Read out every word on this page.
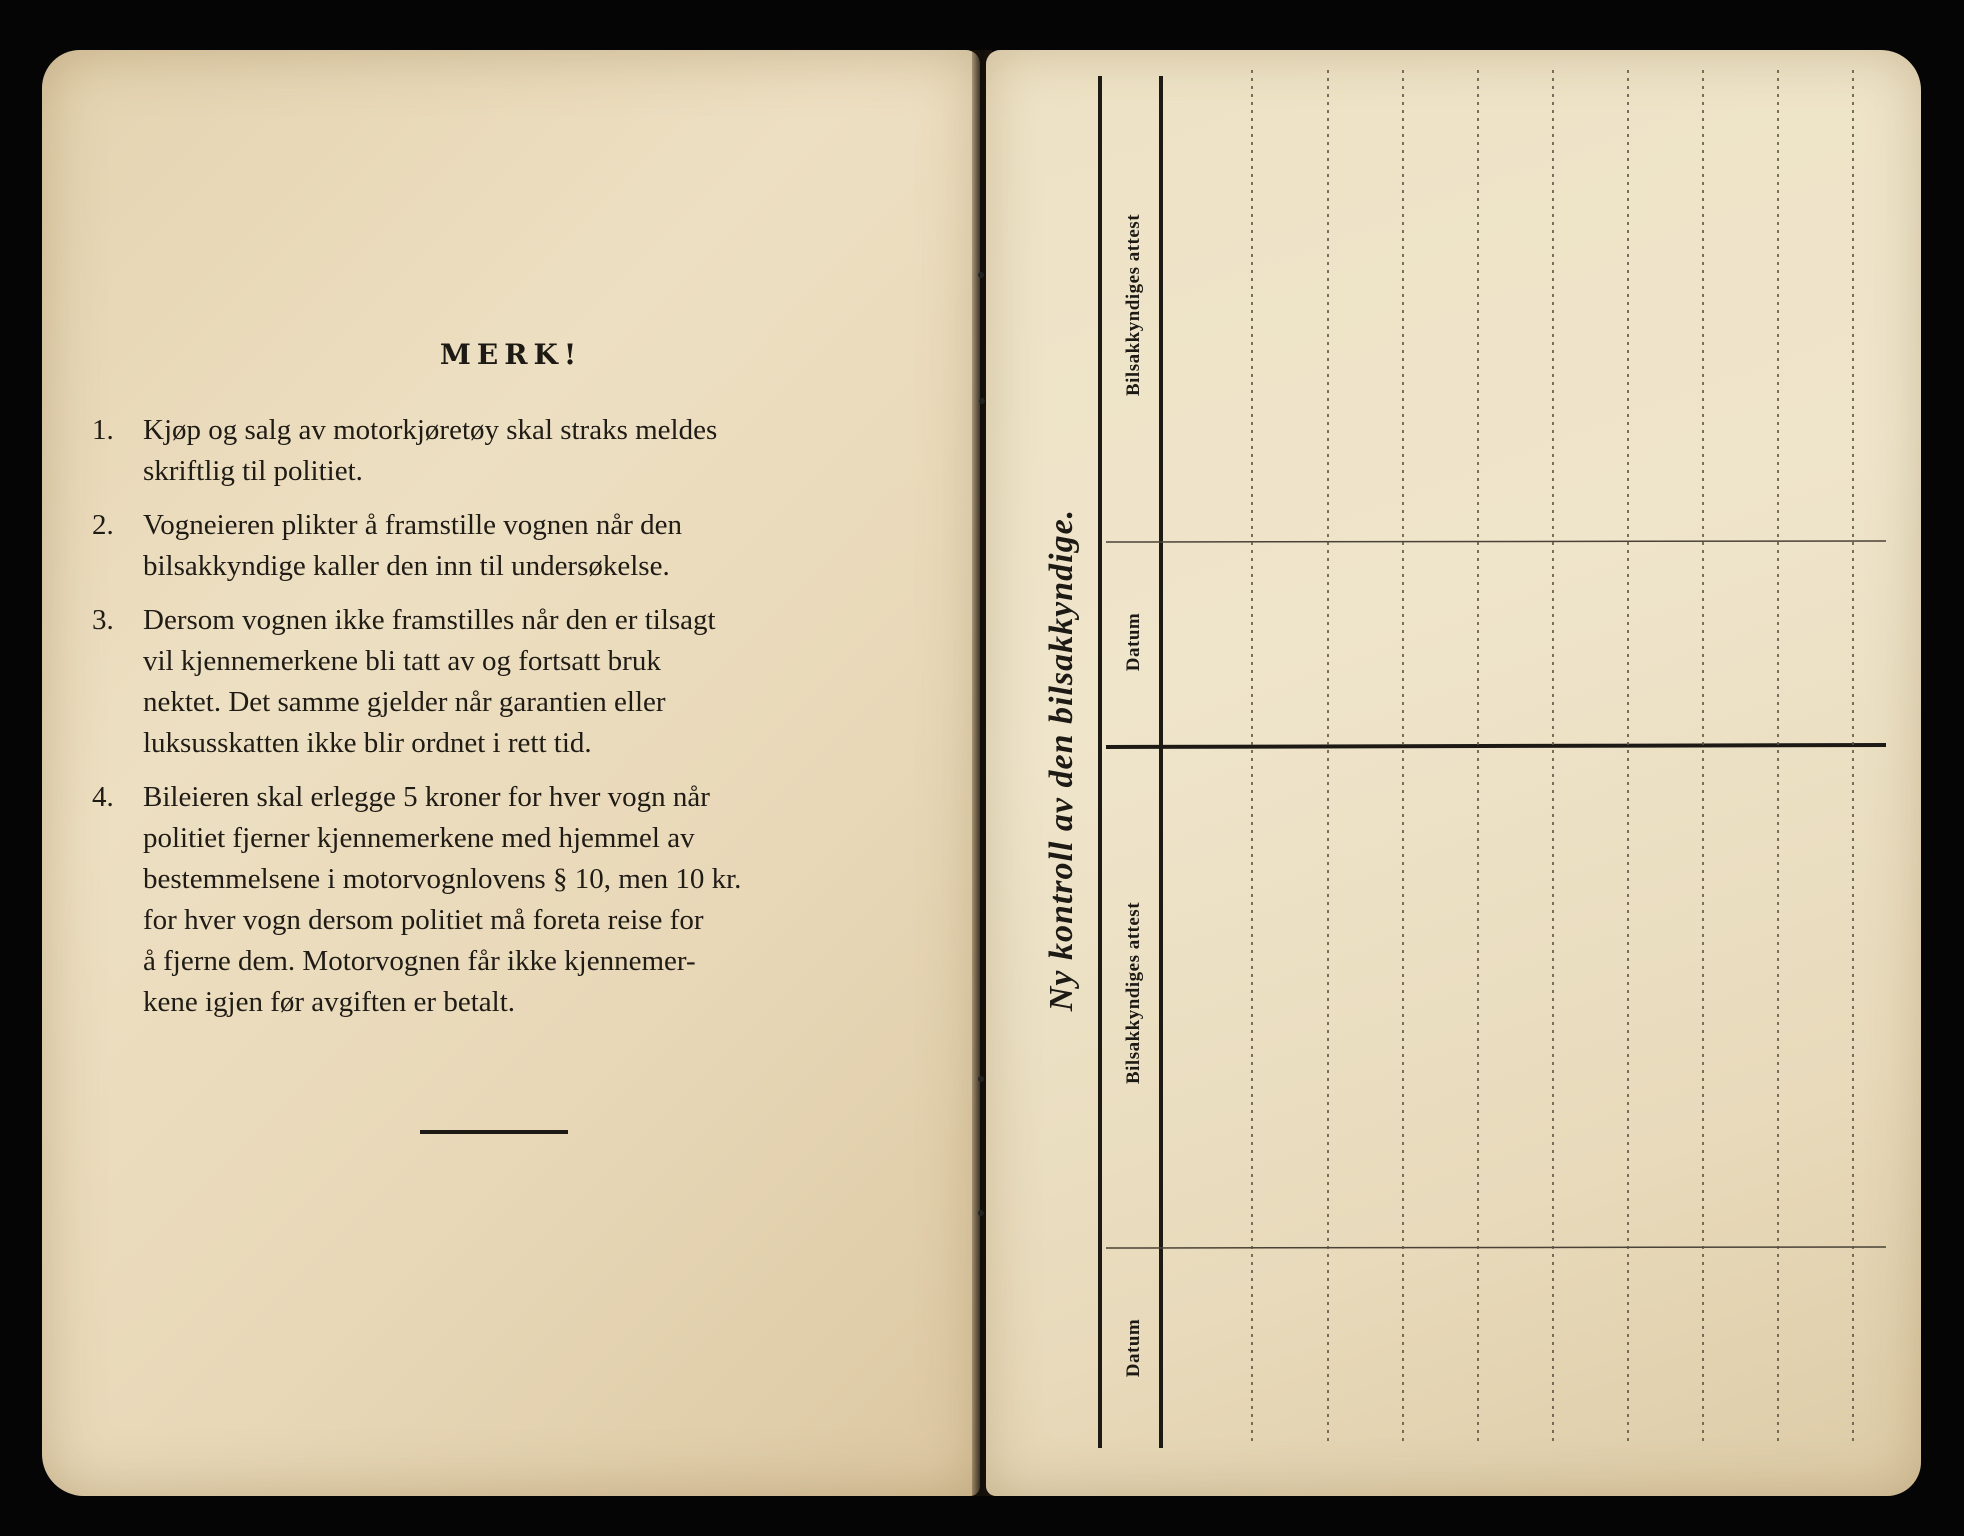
MERK!
1.	Kjøp og salg av motorkjøretøy skal straks meldes
skriftlig til politiet.
2.	Vogneieren plikter å framstille vognen når den
bilsakkyndige kaller den inn til undersøkelse.
3.	Dersom vognen ikke framstilles når den er tilsagt
vil kjennemerkene bli tatt av og fortsatt bruk
nektet. Det samme gjelder når garantien eller
luksusskatten ikke blir ordnet i rett tid.
4.	Bileieren skal erlegge 5 kroner for hver vogn når
politiet fjerner kjennemerkene med hjemmel av
bestemmelsene i motorvognlovens § 10, men 10 kr.
for hver vogn dersom politiet må foreta reise for
å fjerne dem. Motorvognen får ikke kjennemer-
kene igjen før avgiften er betalt.	Ny kontroll av den bilsakkyndige.
Bilsakkyndiges attest
Datum
Bilsakkyndiges attest
Datum
